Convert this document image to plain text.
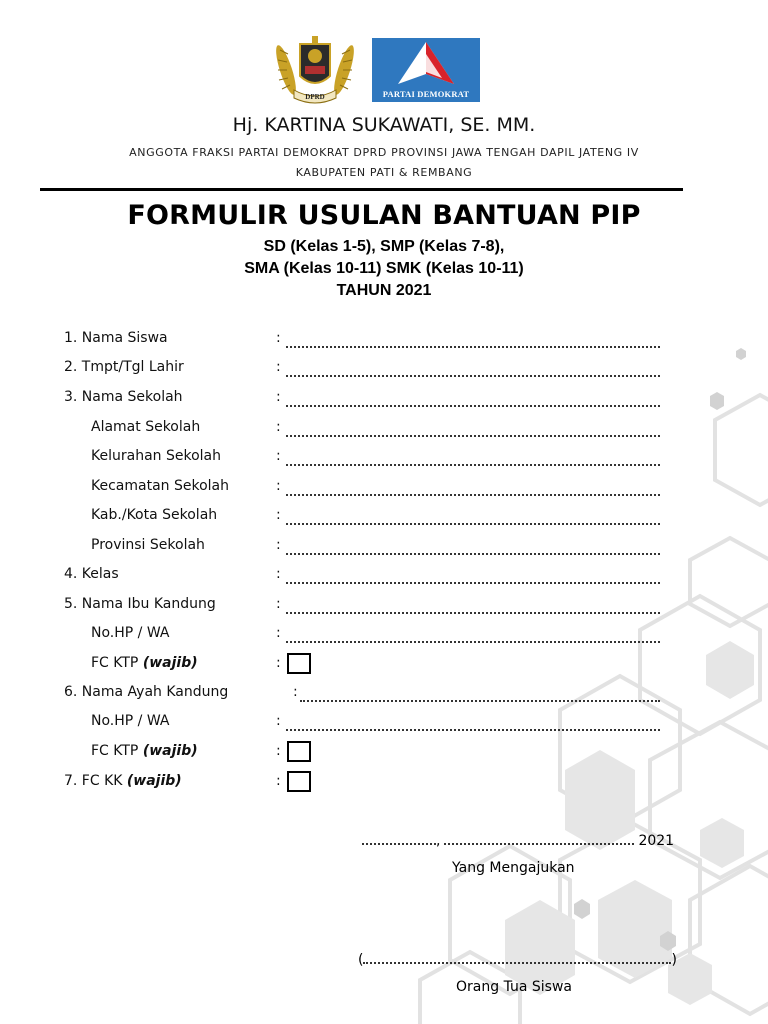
DPRD	PARTAI DEMOKRAT
Hj. KARTINA SUKAWATI, SE. MM.
ANGGOTA FRAKSI PARTAI DEMOKRAT DPRD PROVINSI JAWA TENGAH DAPIL JATENG IV
KABUPATEN PATI & REMBANG
FORMULIR USULAN BANTUAN PIP
SD (Kelas 1-5), SMP (Kelas 7-8),
SMA (Kelas 10-11) SMK (Kelas 10-11)
TAHUN 2021
1. Nama Siswa	:
2. Tmpt/Tgl Lahir	:
3. Nama Sekolah	:
Alamat Sekolah	:
Kelurahan Sekolah	:
Kecamatan Sekolah	:
Kab./Kota Sekolah	:
Provinsi Sekolah	:
4. Kelas	:
5. Nama Ibu Kandung	:
No.HP / WA	:
FC KTP (wajib)	:
6. Nama Ayah Kandung	:
No.HP / WA	:
FC KTP (wajib)	:
7. FC KK (wajib)	:
,	2021
Yang Mengajukan
(	)
Orang Tua Siswa
